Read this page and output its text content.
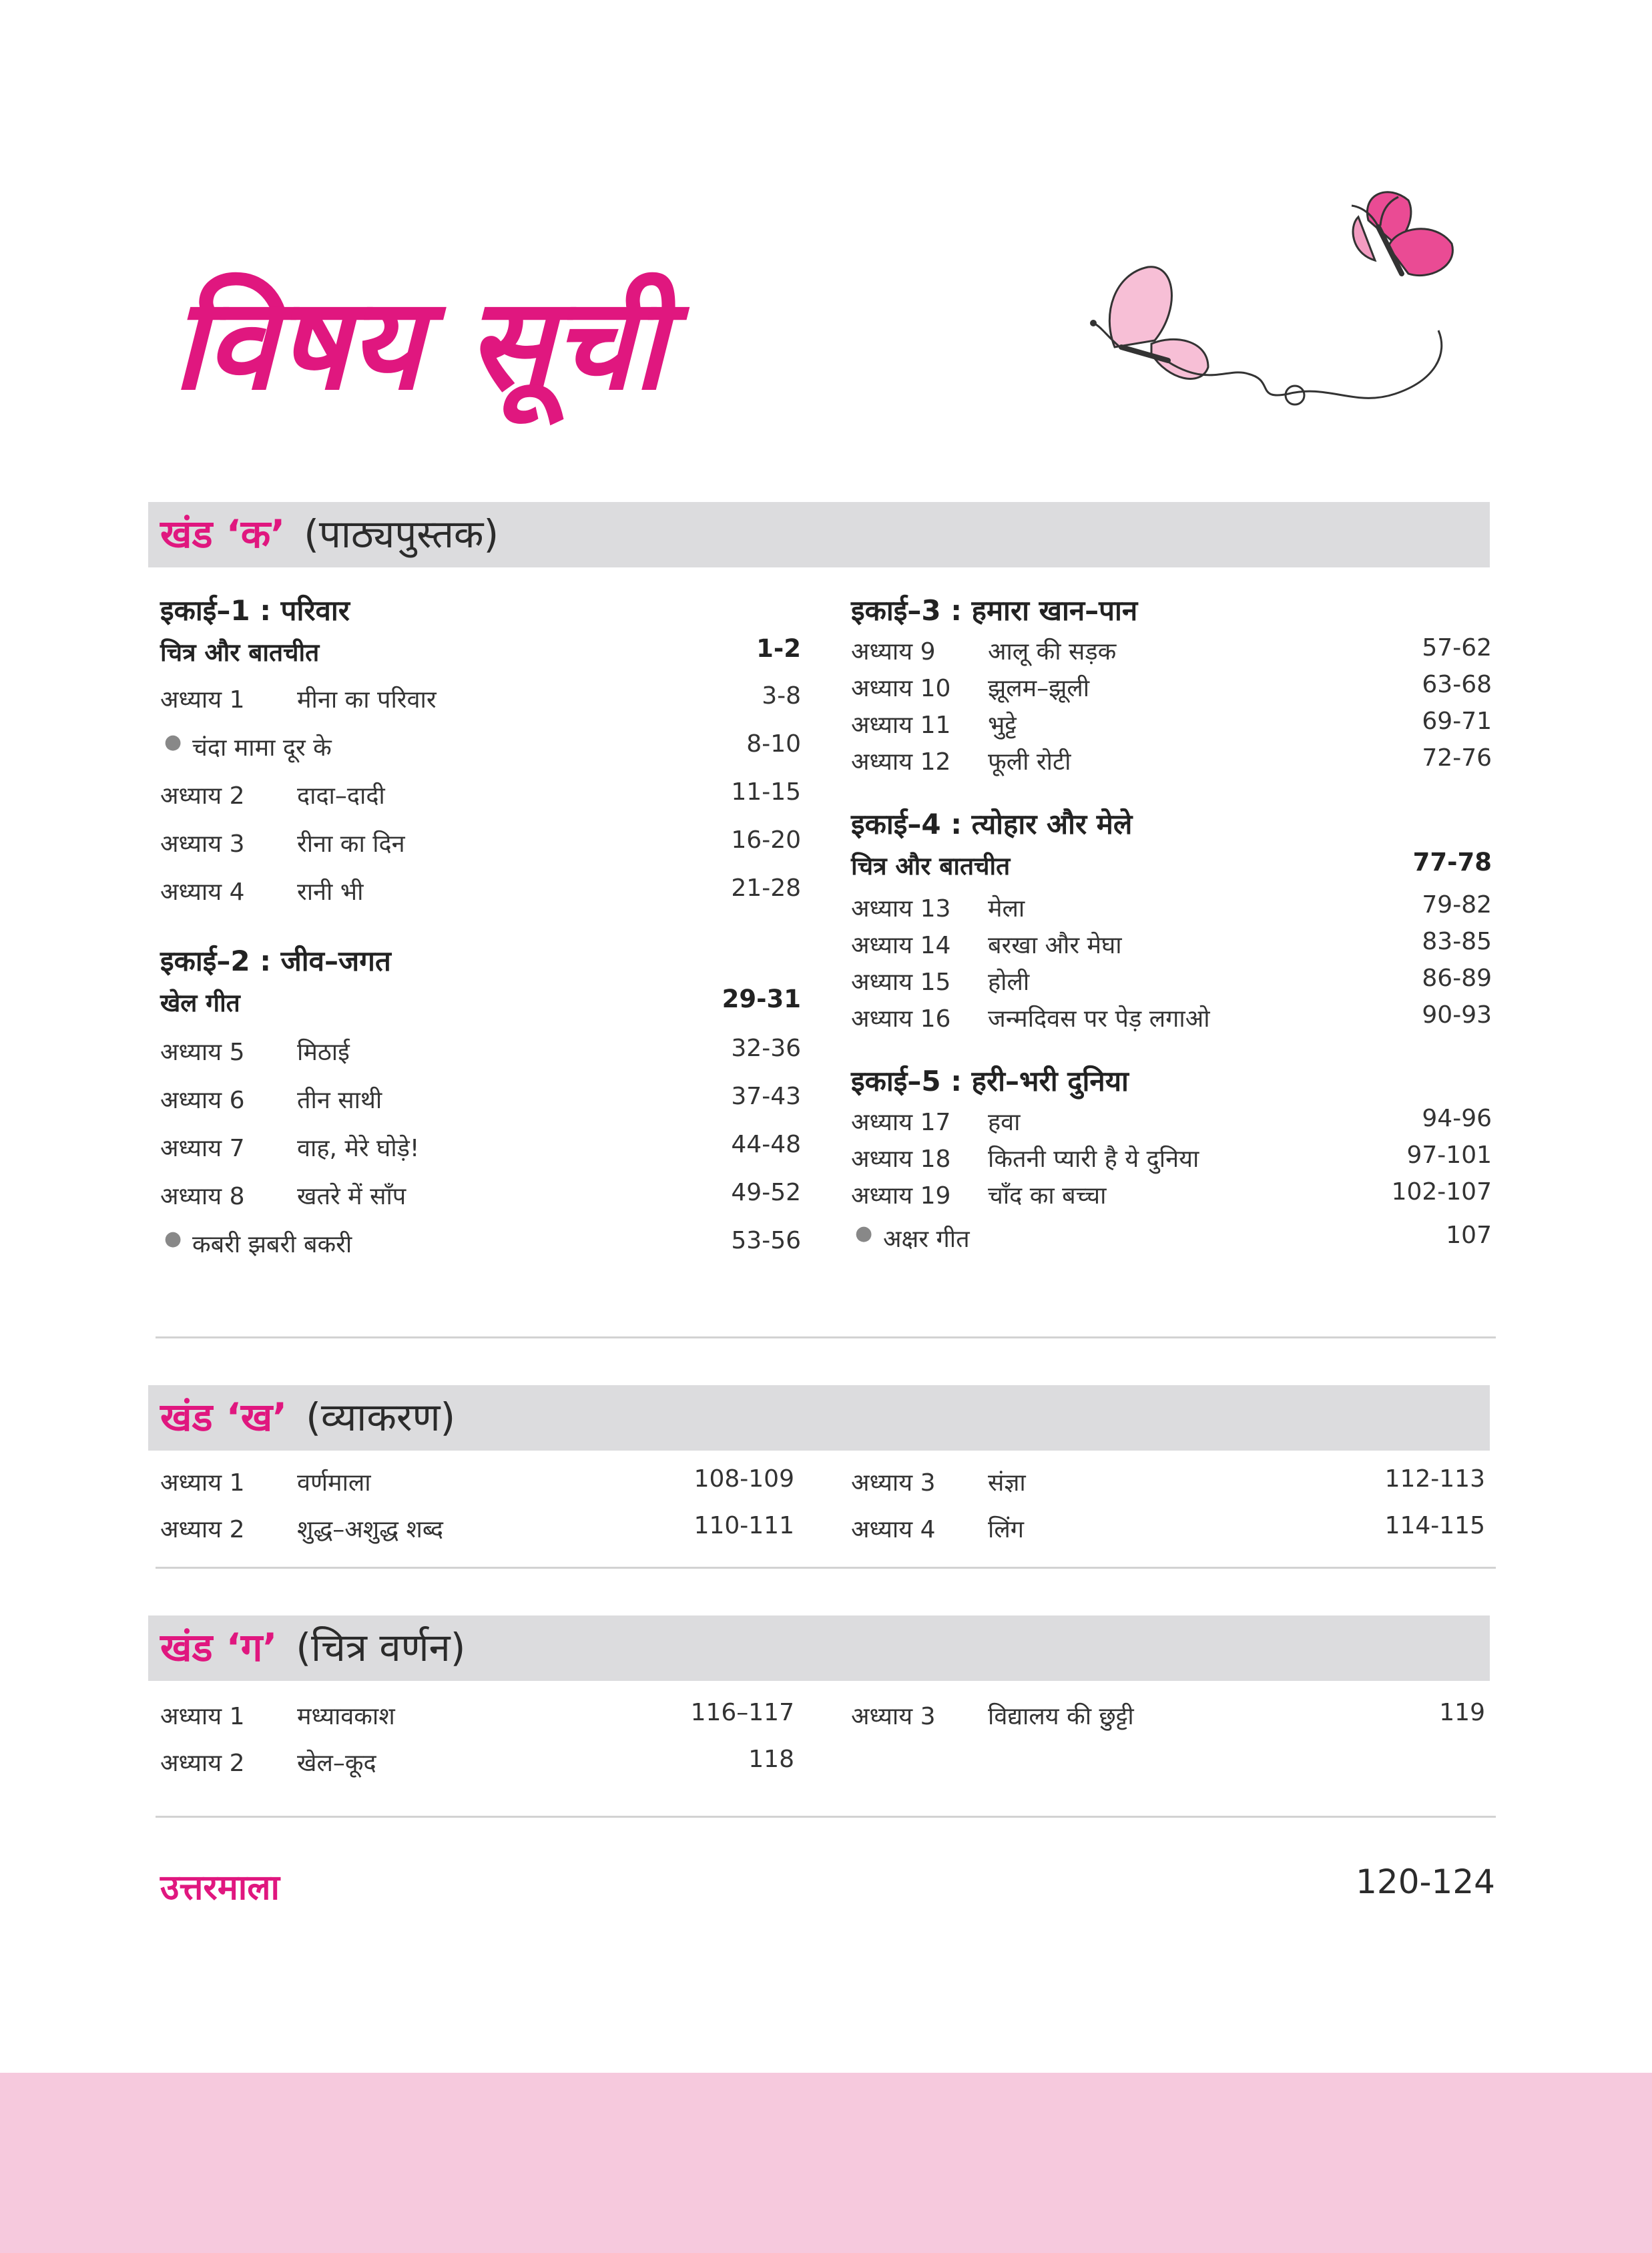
विषय सूची
खंड ‘क’ (पाठ्यपुस्तक)
इकाई–1 : परिवार
चित्र और बातचीत	1-2
अध्याय 1 मीना का परिवार	3-8
● चंदा मामा दूर के	8-10
अध्याय 2 दादा–दादी	11-15
अध्याय 3 रीना का दिन	16-20
अध्याय 4 रानी भी	21-28
इकाई–2 : जीव–जगत
खेल गीत	29-31
अध्याय 5 मिठाई	32-36
अध्याय 6 तीन साथी	37-43
अध्याय 7 वाह, मेरे घोड़े!	44-48
अध्याय 8 खतरे में साँप	49-52
● कबरी झबरी बकरी	53-56
इकाई–3 : हमारा खान–पान
अध्याय 9 आलू की सड़क	57-62
अध्याय 10 झूलम–झूली	63-68
अध्याय 11 भुट्टे	69-71
अध्याय 12 फूली रोटी	72-76
इकाई–4 : त्योहार और मेले
चित्र और बातचीत	77-78
अध्याय 13 मेला	79-82
अध्याय 14 बरखा और मेघा	83-85
अध्याय 15 होली	86-89
अध्याय 16 जन्मदिवस पर पेड़ लगाओ	90-93
इकाई–5 : हरी–भरी दुनिया
अध्याय 17 हवा	94-96
अध्याय 18 कितनी प्यारी है ये दुनिया	97-101
अध्याय 19 चाँद का बच्चा	102-107
● अक्षर गीत	107
खंड ‘ख’ (व्याकरण)
अध्याय 1 वर्णमाला	108-109
अध्याय 2 शुद्ध–अशुद्ध शब्द	110-111
अध्याय 3 संज्ञा	112-113
अध्याय 4 लिंग	114-115
खंड ‘ग’ (चित्र वर्णन)
अध्याय 1 मध्यावकाश	116–117
अध्याय 2 खेल–कूद	118
अध्याय 3 विद्यालय की छुट्टी	119
उत्तरमाला	120-124
